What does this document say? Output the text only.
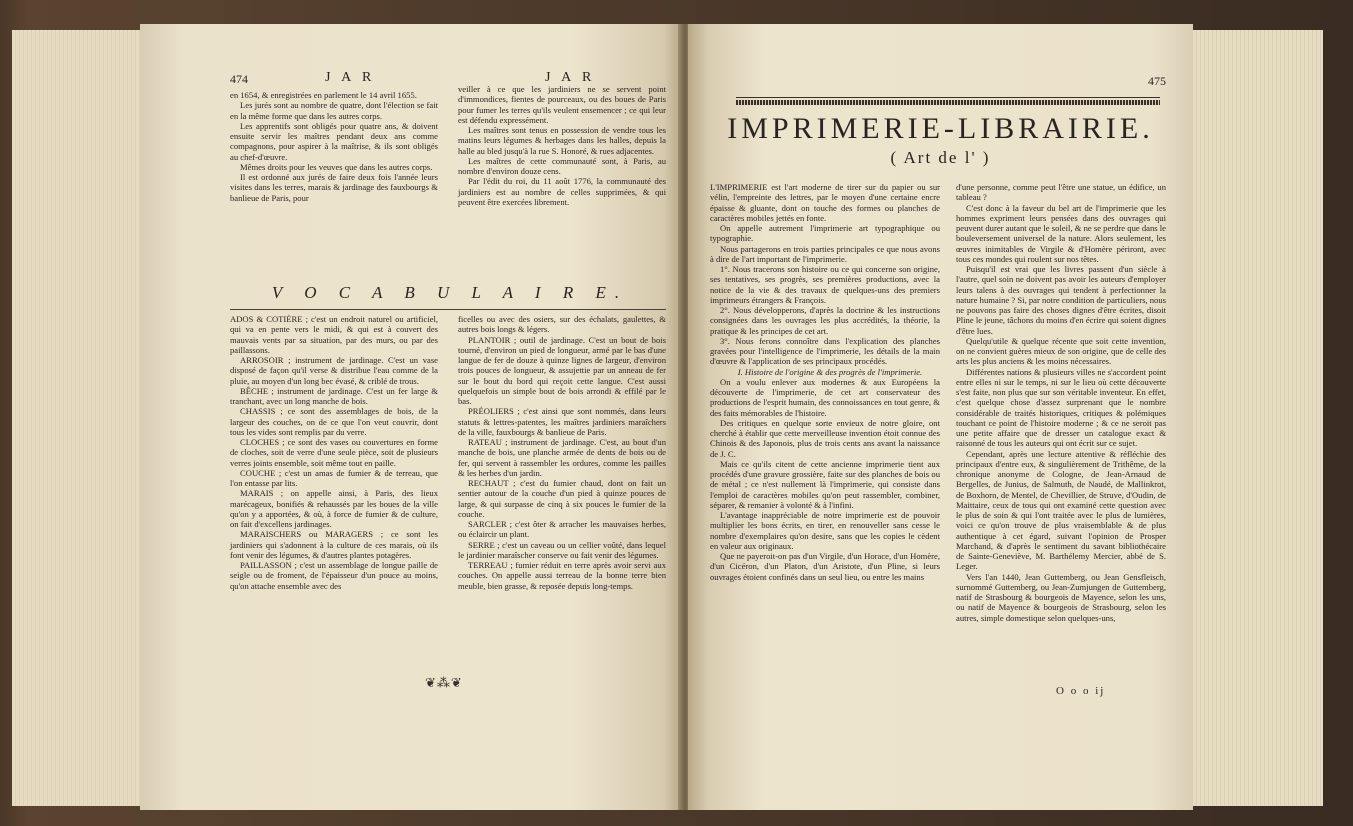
474	J A R	J A R

en 1654, & enregistrées en parlement le 14 avril 1655.

Les jurés sont au nombre de quatre, dont l'élection se fait en la même forme que dans les autres corps.

Les apprentifs sont obligés pour quatre ans, & doivent ensuite servir les maîtres pendant deux ans comme compagnons, pour aspirer à la maîtrise, & ils sont obligés au chef-d'œuvre.

Mêmes droits pour les veuves que dans les autres corps.

Il est ordonné aux jurés de faire deux fois l'année leurs visites dans les terres, marais & jardinage des fauxbourgs & banlieue de Paris, pour

veiller à ce que les jardiniers ne se servent point d'immondices, fientes de pourceaux, ou des boues de Paris pour fumer les terres qu'ils veulent ensemencer ; ce qui leur est défendu expressément.

Les maîtres sont tenus en possession de vendre tous les matins leurs légumes & herbages dans les halles, depuis la halle au bled jusqu'à la rue S. Honoré, & rues adjacentes.

Les maîtres de cette communauté sont, à Paris, au nombre d'environ douze cens.

Par l'édit du roi, du 11 août 1776, la communauté des jardiniers est au nombre de celles supprimées, & qui peuvent être exercées librement.

V O C A B U L A I R E.

ADOS & COTIÈRE ; c'est un endroit naturel ou artificiel, qui va en pente vers le midi, & qui est à couvert des mauvais vents par sa situation, par des murs, ou par des paillassons.

ARROSOIR ; instrument de jardinage. C'est un vase disposé de façon qu'il verse & distribue l'eau comme de la pluie, au moyen d'un long bec évasé, & criblé de trous.

BÊCHE ; instrument de jardinage. C'est un fer large & tranchant, avec un long manche de bois.

CHASSIS ; ce sont des assemblages de bois, de la largeur des couches, on de ce que l'on veut couvrir, dont tous les vides sont remplis par du verre.

CLOCHES ; ce sont des vases ou couvertures en forme de cloches, soit de verre d'une seule pièce, soit de plusieurs verres joints ensemble, soit même tout en paille.

COUCHE ; c'est un amas de fumier & de terreau, que l'on entasse par lits.

MARAIS ; on appelle ainsi, à Paris, des lieux marécageux, bonifiés & rehaussés par les boues de la ville qu'on y a apportées, & où, à force de fumier & de culture, on fait d'excellens jardinages.

MARAISCHERS ou MARAGERS ; ce sont les jardiniers qui s'adonnent à la culture de ces marais, où ils font venir des légumes, & d'autres plantes potagères.

PAILLASSON ; c'est un assemblage de longue paille de seigle ou de froment, de l'épaisseur d'un pouce au moins, qu'on attache ensemble avec des

ficelles ou avec des osiers, sur des échalats, gaulettes, & autres bois longs & légers.

PLANTOIR ; outil de jardinage. C'est un bout de bois tourné, d'environ un pied de longueur, armé par le bas d'une langue de fer de douze à quinze lignes de largeur, d'environ trois pouces de longueur, & assujettie par un anneau de fer sur le bout du bord qui reçoit cette langue. C'est aussi quelquefois un simple bout de bois arrondi & effilé par le bas.

PRÉOLIERS ; c'est ainsi que sont nommés, dans leurs statuts & lettres-patentes, les maîtres jardiniers maraîchers de la ville, fauxbourgs & banlieue de Paris.

RATEAU ; instrument de jardinage. C'est, au bout d'un manche de bois, une planche armée de dents de bois ou de fer, qui servent à rassembler les ordures, comme les pailles & les herbes d'un jardin.

RECHAUT ; c'est du fumier chaud, dont on fait un sentier autour de la couche d'un pied à quinze pouces de large, & qui surpasse de cinq à six pouces le fumier de la couche.

SARCLER ; c'est ôter & arracher les mauvaises herbes, ou éclaircir un plant.

SERRE ; c'est un caveau ou un cellier voûté, dans lequel le jardinier maraîscher conserve ou fait venir des légumes.

TERREAU ; fumier réduit en terre après avoir servi aux couches. On appelle aussi terreau de la bonne terre bien meuble, bien grasse, & reposée depuis long-temps.

❦⁂❦
475
IMPRIMERIE-LIBRAIRIE.
( Art de l' )

L'IMPRIMERIE est l'art moderne de tirer sur du papier ou sur vélin, l'empreinte des lettres, par le moyen d'une certaine encre épaisse & gluante, dont on touche des formes ou planches de caractères mobiles jettés en fonte.

On appelle autrement l'imprimerie art typographique ou typographie.

Nous partagerons en trois parties principales ce que nous avons à dire de l'art important de l'imprimerie.

1°. Nous tracerons son histoire ou ce qui concerne son origine, ses tentatives, ses progrès, ses premières productions, avec la notice de la vie & des travaux de quelques-uns des premiers imprimeurs étrangers & François.

2°. Nous développerons, d'après la doctrine & les instructions consignées dans les ouvrages les plus accrédités, la théorie, la pratique & les principes de cet art.

3°. Nous ferons connoître dans l'explication des planches gravées pour l'intelligence de l'imprimerie, les détails de la main d'œuvre & l'application de ses principaux procédés.

I. Histoire de l'origine & des progrès de l'imprimerie.

On a voulu enlever aux modernes & aux Européens la découverte de l'imprimerie, de cet art conservateur des productions de l'esprit humain, des connoissances en tout genre, & des faits mémorables de l'histoire.

Des critiques en quelque sorte envieux de notre gloire, ont cherché à établir que cette merveilleuse invention étoit connue des Chinois & des Japonois, plus de trois cents ans avant la naissance de J. C.

Mais ce qu'ils citent de cette ancienne imprimerie tient aux procédés d'une gravure grossière, faite sur des planches de bois ou de métal ; ce n'est nullement là l'imprimerie, qui consiste dans l'emploi de caractères mobiles qu'on peut rassembler, combiner, séparer, & remanier à volonté & à l'infini.

L'avantage inappréciable de notre imprimerie est de pouvoir multiplier les bons écrits, en tirer, en renouveller sans cesse le nombre d'exemplaires qu'on desire, sans que les copies le cèdent en valeur aux originaux.

Que ne payeroit-on pas d'un Virgile, d'un Horace, d'un Homère, d'un Cicéron, d'un Platon, d'un Aristote, d'un Pline, si leurs ouvrages étoient confinés dans un seul lieu, ou entre les mains

d'une personne, comme peut l'être une statue, un édifice, un tableau ?

C'est donc à la faveur du bel art de l'imprimerie que les hommes expriment leurs pensées dans des ouvrages qui peuvent durer autant que le soleil, & ne se perdre que dans le bouleversement universel de la nature. Alors seulement, les œuvres inimitables de Virgile & d'Homère périront, avec tous ces mondes qui roulent sur nos têtes.

Puisqu'il est vrai que les livres passent d'un siècle à l'autre, quel soin ne doivent pas avoir les auteurs d'employer leurs talens à des ouvrages qui tendent à perfectionner la nature humaine ? Si, par notre condition de particuliers, nous ne pouvons pas faire des choses dignes d'être écrites, disoit Pline le jeune, tâchons du moins d'en écrire qui soient dignes d'être lues.

Quelqu'utile & quelque récente que soit cette invention, on ne convient guères mieux de son origine, que de celle des arts les plus anciens & les moins nécessaires.

Différentes nations & plusieurs villes ne s'accordent point entre elles ni sur le temps, ni sur le lieu où cette découverte s'est faite, non plus que sur son véritable inventeur. En effet, c'est quelque chose d'assez surprenant que le nombre considérable de traités historiques, critiques & polémiques touchant ce point de l'histoire moderne ; & ce ne seroit pas une petite affaire que de dresser un catalogue exact & raisonné de tous les auteurs qui ont écrit sur ce sujet.

Cependant, après une lecture attentive & réfléchie des principaux d'entre eux, & singulièrement de Trithême, de la chronique anonyme de Cologne, de Jean-Arnaud de Bergelles, de Junius, de Salmuth, de Naudé, de Mallinkrot, de Boxhorn, de Mentel, de Chevillier, de Struve, d'Oudin, de Maittaire, ceux de tous qui ont examiné cette question avec le plus de soin & qui l'ont traitée avec le plus de lumières, voici ce qu'on trouve de plus vraisemblable & de plus authentique à cet égard, suivant l'opinion de Prosper Marchand, & d'après le sentiment du savant bibliothécaire de Sainte-Geneviève, M. Barthélemy Mercier, abbé de S. Leger.

Vers l'an 1440, Jean Guttemberg, ou Jean Gensfleisch, surnommé Guttemberg, ou Jean-Zumjungen de Guttemberg, natif de Strasbourg & bourgeois de Mayence, selon les uns, ou natif de Mayence & bourgeois de Strasbourg, selon les autres, simple domestique selon quelques-uns,

O o o ij
